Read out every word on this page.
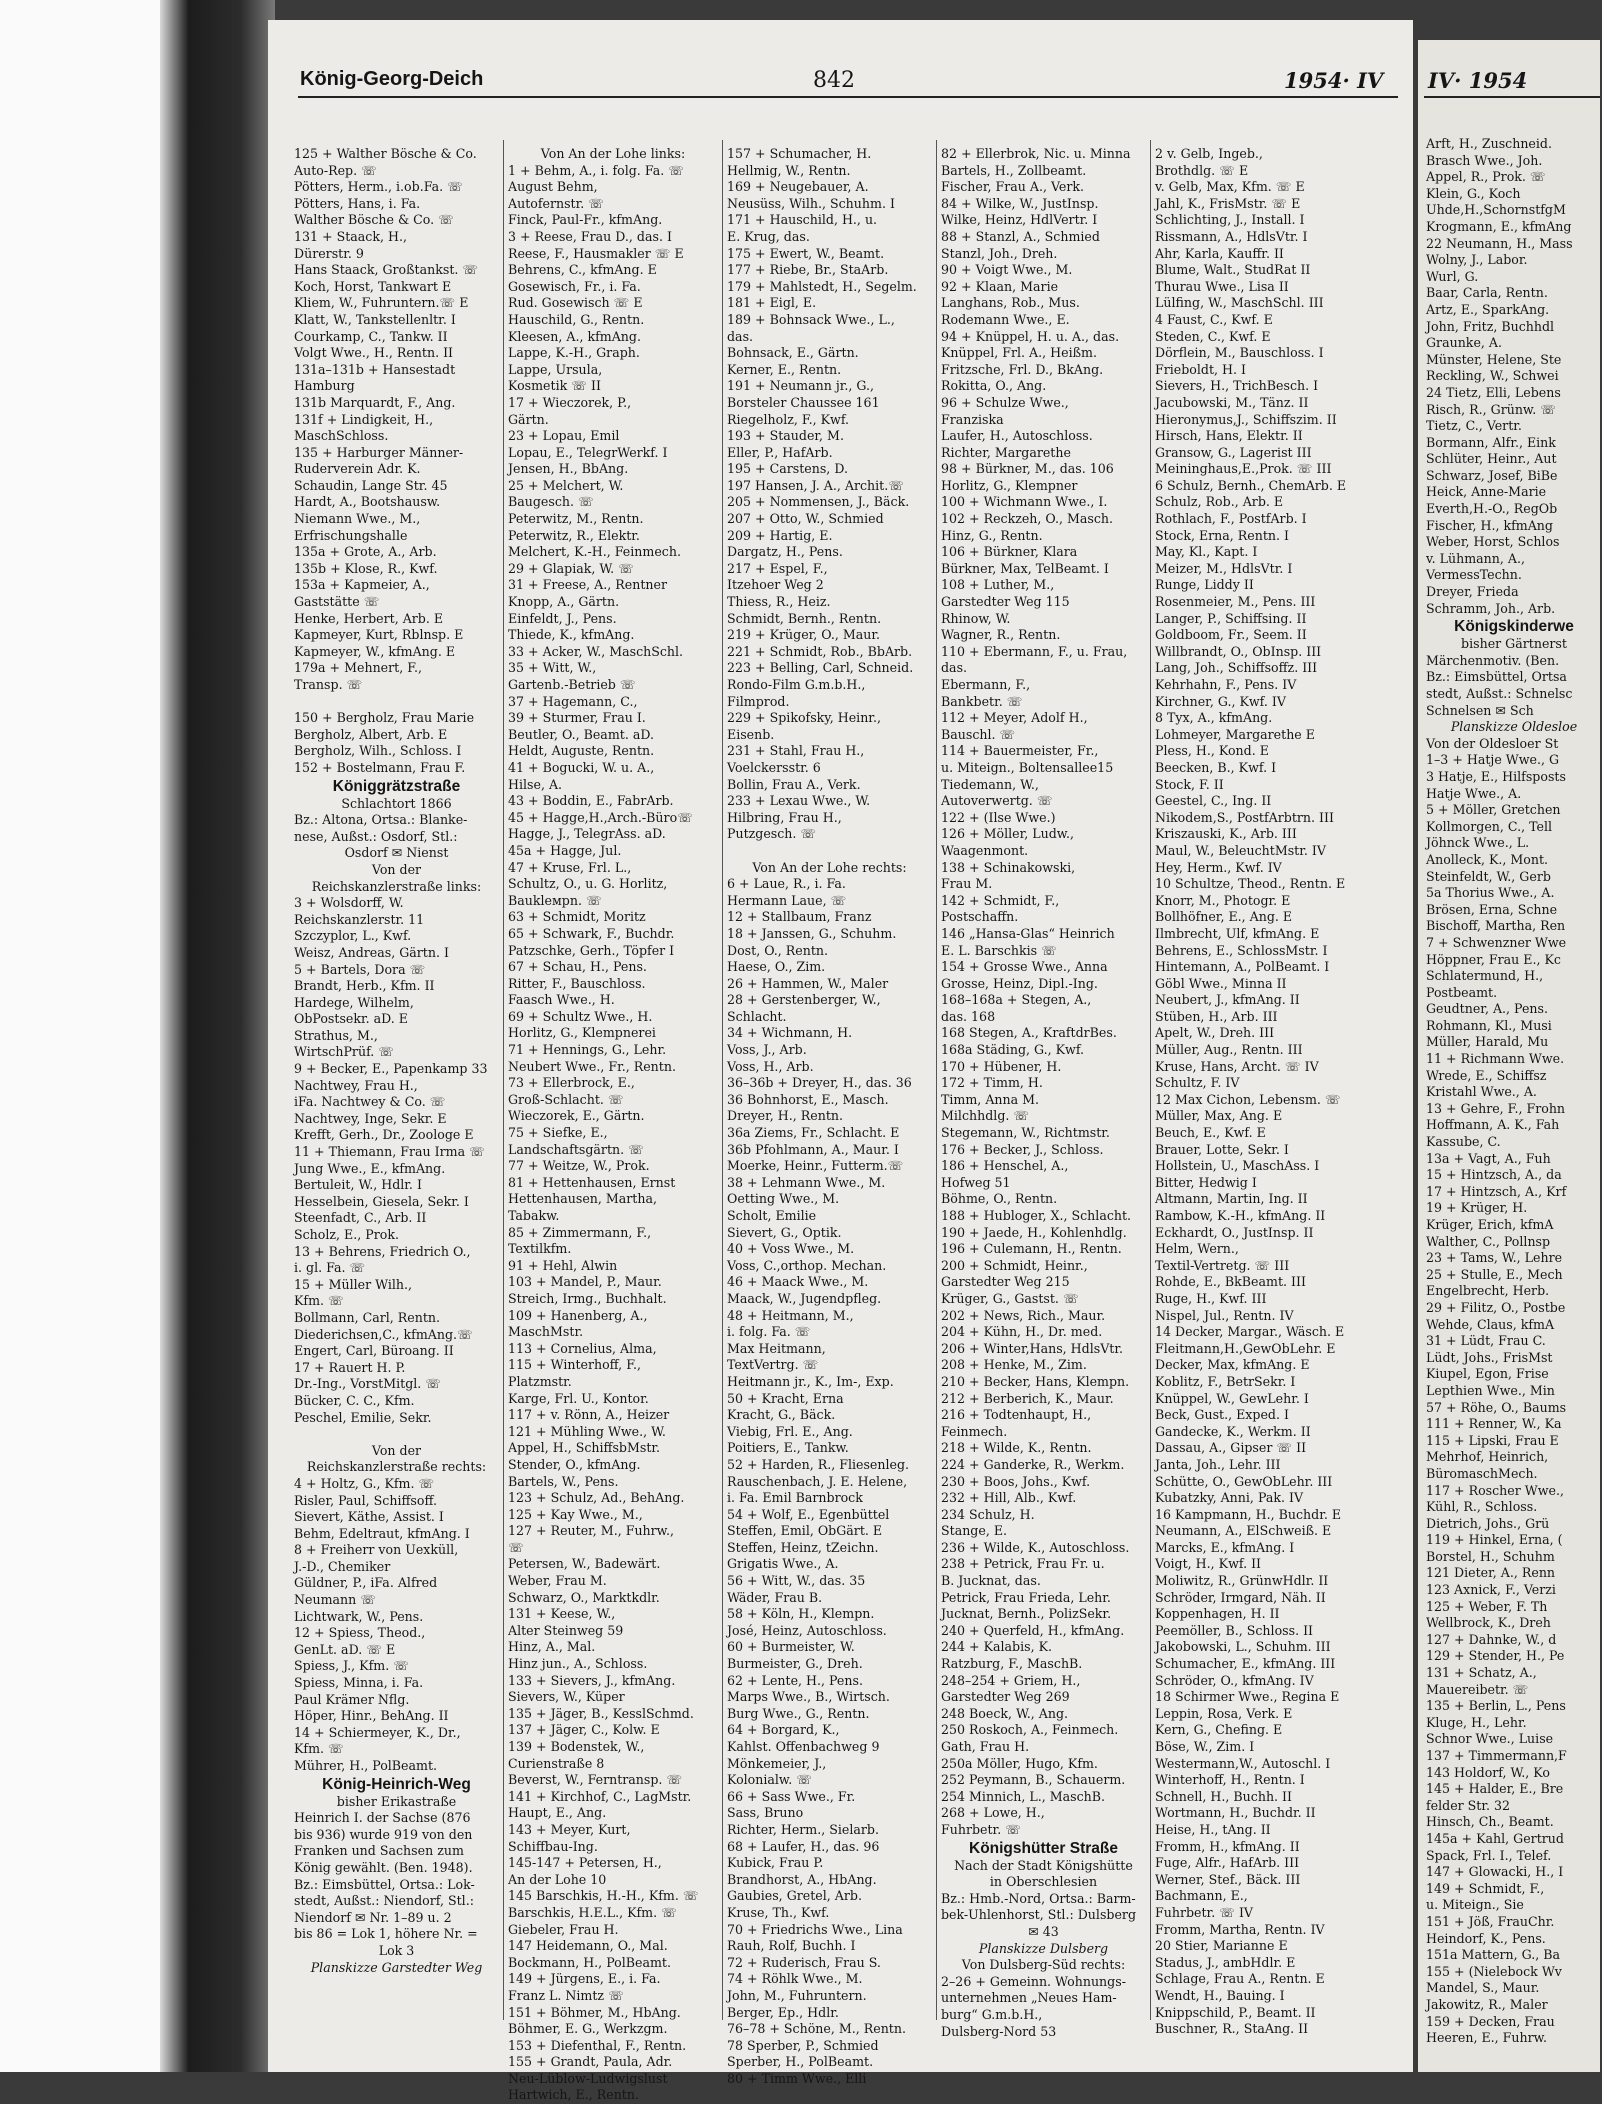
König-Georg-Deich	842	1954· IV
125 + Walther Bösche & Co.
Auto-Rep. ☏
Pötters, Herm., i.ob.Fa. ☏
Pötters, Hans, i. Fa.
Walther Bösche & Co. ☏
131 + Staack, H.,
Dürerstr. 9
Hans Staack, Großtankst. ☏
Koch, Horst, Tankwart E
Kliem, W., Fuhruntern.☏ E
Klatt, W., Tankstellenltr. I
Courkamp, C., Tankw. II
Volgt Wwe., H., Rentn. II
131a–131b + Hansestadt
Hamburg
131b Marquardt, F., Ang.
131f + Lindigkeit, H.,
MaschSchloss.
135 + Harburger Männer-
Ruderverein Adr. K.
Schaudin, Lange Str. 45
Hardt, A., Bootshausw.
Niemann Wwe., M.,
Erfrischungshalle
135a + Grote, A., Arb.
135b + Klose, R., Kwf.
153a + Kapmeier, A.,
Gaststätte ☏
Henke, Herbert, Arb. E
Kapmeyer, Kurt, Rblnsp. E
Kapmeyer, W., kfmAng. E
179a + Mehnert, F.,
Transp. ☏
150 + Bergholz, Frau Marie
Bergholz, Albert, Arb. E
Bergholz, Wilh., Schloss. I
152 + Bostelmann, Frau F.
Königgrätzstraße
Schlachtort 1866
Bz.: Altona, Ortsa.: Blanke-
nese, Außst.: Osdorf, Stl.:
Osdorf ✉ Nienst
Von der
Reichskanzlerstraße links:
3 + Wolsdorff, W.
Reichskanzlerstr. 11
Szczyplor, L., Kwf.
Weisz, Andreas, Gärtn. I
5 + Bartels, Dora ☏
Brandt, Herb., Kfm. II
Hardege, Wilhelm,
ObPostsekr. aD. E
Strathus, M.,
WirtschPrüf. ☏
9 + Becker, E., Papenkamp 33
Nachtwey, Frau H.,
iFa. Nachtwey & Co. ☏
Nachtwey, Inge, Sekr. E
Krefft, Gerh., Dr., Zoologe E
11 + Thiemann, Frau Irma ☏
Jung Wwe., E., kfmAng.
Bertuleit, W., Hdlr. I
Hesselbein, Giesela, Sekr. I
Steenfadt, C., Arb. II
Scholz, E., Prok.
13 + Behrens, Friedrich O.,
i. gl. Fa. ☏
15 + Müller Wilh.,
Kfm. ☏
Bollmann, Carl, Rentn.
Diederichsen,C., kfmAng.☏
Engert, Carl, Büroang. II
17 + Rauert H. P.
Dr.-Ing., VorstMitgl. ☏
Bücker, C. C., Kfm.
Peschel, Emilie, Sekr.
Von der
Reichskanzlerstraße rechts:
4 + Holtz, G., Kfm. ☏
Risler, Paul, Schiffsoff.
Sievert, Käthe, Assist. I
Behm, Edeltraut, kfmAng. I
8 + Freiherr von Uexküll,
J.-D., Chemiker
Güldner, P., iFa. Alfred
Neumann ☏
Lichtwark, W., Pens.
12 + Spiess, Theod.,
GenLt. aD. ☏ E
Spiess, J., Kfm. ☏
Spiess, Minna, i. Fa.
Paul Krämer Nflg.
Höper, Hinr., BehAng. II
14 + Schiermeyer, K., Dr.,
Kfm. ☏
Mührer, H., PolBeamt.
König-Heinrich-Weg
bisher Erikastraße
Heinrich I. der Sachse (876
bis 936) wurde 919 von den
Franken und Sachsen zum
König gewählt. (Ben. 1948).
Bz.: Eimsbüttel, Ortsa.: Lok-
stedt, Außst.: Niendorf, Stl.:
Niendorf ✉ Nr. 1–89 u. 2
bis 86 = Lok 1, höhere Nr. =
Lok 3
Planskizze Garstedter Weg
Von An der Lohe links:
1 + Behm, A., i. folg. Fa. ☏
August Behm,
Autofernstr. ☏
Finck, Paul-Fr., kfmAng.
3 + Reese, Frau D., das. I
Reese, F., Hausmakler ☏ E
Behrens, C., kfmAng. E
Gosewisch, Fr., i. Fa.
Rud. Gosewisch ☏ E
Hauschild, G., Rentn.
Kleesen, A., kfmAng.
Lappe, K.-H., Graph.
Lappe, Ursula,
Kosmetik ☏ II
17 + Wieczorek, P.,
Gärtn.
23 + Lopau, Emil
Lopau, E., TelegrWerkf. I
Jensen, H., BbAng.
25 + Melchert, W.
Baugesch. ☏
Peterwitz, M., Rentn.
Peterwitz, R., Elektr.
Melchert, K.-H., Feinmech.
29 + Glapiak, W. ☏
31 + Freese, A., Rentner
Knopp, A., Gärtn.
Einfeldt, J., Pens.
Thiede, K., kfmAng.
33 + Acker, W., MaschSchl.
35 + Witt, W.,
Gartenb.-Betrieb ☏
37 + Hagemann, C.,
39 + Sturmer, Frau I.
Beutler, O., Beamt. aD.
Heldt, Auguste, Rentn.
41 + Bogucki, W. u. A.,
Hilse, A.
43 + Boddin, E., FabrArb.
45 + Hagge,H.,Arch.-Büro☏
Hagge, J., TelegrAss. aD.
45a + Hagge, Jul.
47 + Kruse, Frl. L.,
Schultz, O., u. G. Horlitz,
Baukleмpn. ☏
63 + Schmidt, Moritz
65 + Schwark, F., Buchdr.
Patzschke, Gerh., Töpfer I
67 + Schau, H., Pens.
Ritter, F., Bauschloss.
Faasch Wwe., H.
69 + Schultz Wwe., H.
Horlitz, G., Klempnerei
71 + Hennings, G., Lehr.
Neubert Wwe., Fr., Rentn.
73 + Ellerbrock, E.,
Groß-Schlacht. ☏
Wieczorek, E., Gärtn.
75 + Siefke, E.,
Landschaftsgärtn. ☏
77 + Weitze, W., Prok.
81 + Hettenhausen, Ernst
Hettenhausen, Martha,
Tabakw.
85 + Zimmermann, F.,
Textilkfm.
91 + Hehl, Alwin
103 + Mandel, P., Maur.
Streich, Irmg., Buchhalt.
109 + Hanenberg, A.,
MaschMstr.
113 + Cornelius, Alma,
115 + Winterhoff, F.,
Platzmstr.
Karge, Frl. U., Kontor.
117 + v. Rönn, A., Heizer
121 + Mühling Wwe., W.
Appel, H., SchiffsbMstr.
Stender, O., kfmAng.
Bartels, W., Pens.
123 + Schulz, Ad., BehAng.
125 + Kay Wwe., M.,
127 + Reuter, M., Fuhrw.,
☏
Petersen, W., Badewärt.
Weber, Frau M.
Schwarz, O., Marktkdlr.
131 + Keese, W.,
Alter Steinweg 59
Hinz, A., Mal.
Hinz jun., A., Schloss.
133 + Sievers, J., kfmAng.
Sievers, W., Küper
135 + Jäger, B., KesslSchmd.
137 + Jäger, C., Kolw. E
139 + Bodenstek, W.,
Curienstraße 8
Beverst, W., Ferntransp. ☏
141 + Kirchhof, C., LagMstr.
Haupt, E., Ang.
143 + Meyer, Kurt,
Schiffbau-Ing.
145-147 + Petersen, H.,
An der Lohe 10
145 Barschkis, H.-H., Kfm. ☏
Barschkis, H.E.L., Kfm. ☏
Giebeler, Frau H.
147 Heidemann, O., Mal.
Bockmann, H., PolBeamt.
149 + Jürgens, E., i. Fa.
Franz L. Nimtz ☏
151 + Böhmer, M., HbAng.
Böhmer, E. G., Werkzgm.
153 + Diefenthal, F., Rentn.
155 + Grandt, Paula, Adr.
Neu-Lüblow-Ludwigslust
Hartwich, E., Rentn.
157 + Schumacher, H.
Hellmig, W., Rentn.
169 + Neugebauer, A.
Neusüss, Wilh., Schuhm. I
171 + Hauschild, H., u.
E. Krug, das.
175 + Ewert, W., Beamt.
177 + Riebe, Br., StaArb.
179 + Mahlstedt, H., Segelm.
181 + Eigl, E.
189 + Bohnsack Wwe., L.,
das.
Bohnsack, E., Gärtn.
Kerner, E., Rentn.
191 + Neumann jr., G.,
Borsteler Chaussee 161
Riegelholz, F., Kwf.
193 + Stauder, M.
Eller, P., HafArb.
195 + Carstens, D.
197 Hansen, J. A., Archit.☏
205 + Nommensen, J., Bäck.
207 + Otto, W., Schmied
209 + Hartig, E.
Dargatz, H., Pens.
217 + Espel, F.,
Itzehoer Weg 2
Thiess, R., Heiz.
Schmidt, Bernh., Rentn.
219 + Krüger, O., Maur.
221 + Schmidt, Rob., BbArb.
223 + Belling, Carl, Schneid.
Rondo-Film G.m.b.H.,
Filmprod.
229 + Spikofsky, Heinr.,
Eisenb.
231 + Stahl, Frau H.,
Voelckersstr. 6
Bollin, Frau A., Verk.
233 + Lexau Wwe., W.
Hilbring, Frau H.,
Putzgesch. ☏
Von An der Lohe rechts:
6 + Laue, R., i. Fa.
Hermann Laue, ☏
12 + Stallbaum, Franz
18 + Janssen, G., Schuhm.
Dost, O., Rentn.
Haese, O., Zim.
26 + Hammen, W., Maler
28 + Gerstenberger, W.,
Schlacht.
34 + Wichmann, H.
Voss, J., Arb.
Voss, H., Arb.
36–36b + Dreyer, H., das. 36
36 Bohnhorst, E., Masch.
Dreyer, H., Rentn.
36a Ziems, Fr., Schlacht. E
36b Pfohlmann, A., Maur. I
Moerke, Heinr., Futterm.☏
38 + Lehmann Wwe., M.
Oetting Wwe., M.
Scholt, Emilie
Sievert, G., Optik.
40 + Voss Wwe., M.
Voss, C.,orthop. Mechan.
46 + Maack Wwe., M.
Maack, W., Jugendpfleg.
48 + Heitmann, M.,
i. folg. Fa. ☏
Max Heitmann,
TextVertrg. ☏
Heitmann jr., K., Im-, Exp.
50 + Kracht, Erna
Kracht, G., Bäck.
Viebig, Frl. E., Ang.
Poitiers, E., Tankw.
52 + Harden, R., Fliesenleg.
Rauschenbach, J. E. Helene,
i. Fa. Emil Barnbrock
54 + Wolf, E., Egenbüttel
Steffen, Emil, ObGärt. E
Steffen, Heinz, tZeichn.
Grigatis Wwe., A.
56 + Witt, W., das. 35
Wäder, Frau B.
58 + Köln, H., Klempn.
José, Heinz, Autoschloss.
60 + Burmeister, W.
Burmeister, G., Dreh.
62 + Lente, H., Pens.
Marps Wwe., B., Wirtsch.
Burg Wwe., G., Rentn.
64 + Borgard, K.,
Kahlst. Offenbachweg 9
Mönkemeier, J.,
Kolonialw. ☏
66 + Sass Wwe., Fr.
Sass, Bruno
Richter, Herm., Sielarb.
68 + Laufer, H., das. 96
Kubick, Frau P.
Brandhorst, A., HbAng.
Gaubies, Gretel, Arb.
Kruse, Th., Kwf.
70 + Friedrichs Wwe., Lina
Rauh, Rolf, Buchh. I
72 + Ruderisch, Frau S.
74 + Röhlk Wwe., M.
John, M., Fuhruntern.
Berger, Ep., Hdlr.
76–78 + Schöne, M., Rentn.
78 Sperber, P., Schmied
Sperber, H., PolBeamt.
80 + Timm Wwe., Elli
82 + Ellerbrok, Nic. u. Minna
Bartels, H., Zollbeamt.
Fischer, Frau A., Verk.
84 + Wilke, W., JustInsp.
Wilke, Heinz, HdlVertr. I
88 + Stanzl, A., Schmied
Stanzl, Joh., Dreh.
90 + Voigt Wwe., M.
92 + Klaan, Marie
Langhans, Rob., Mus.
Rodemann Wwe., E.
94 + Knüppel, H. u. A., das.
Knüppel, Frl. A., Heißm.
Fritzsche, Frl. D., BkAng.
Rokitta, O., Ang.
96 + Schulze Wwe.,
Franziska
Laufer, H., Autoschloss.
Richter, Margarethe
98 + Bürkner, M., das. 106
Horlitz, G., Klempner
100 + Wichmann Wwe., I.
102 + Reckzeh, O., Masch.
Hinz, G., Rentn.
106 + Bürkner, Klara
Bürkner, Max, TelBeamt. I
108 + Luther, M.,
Garstedter Weg 115
Rhinow, W.
Wagner, R., Rentn.
110 + Ebermann, F., u. Frau,
das.
Ebermann, F.,
Bankbetr. ☏
112 + Meyer, Adolf H.,
Bauschl. ☏
114 + Bauermeister, Fr.,
u. Miteign., Boltensallee15
Tiedemann, W.,
Autoverwertg. ☏
122 + (Ilse Wwe.)
126 + Möller, Ludw.,
Waagenmont.
138 + Schinakowski,
Frau M.
142 + Schmidt, F.,
Postschaffn.
146 „Hansa-Glas“ Heinrich
E. L. Barschkis ☏
154 + Grosse Wwe., Anna
Grosse, Heinz, Dipl.-Ing.
168–168a + Stegen, A.,
das. 168
168 Stegen, A., KraftdrBes.
168a Städing, G., Kwf.
170 + Hübener, H.
172 + Timm, H.
Timm, Anna M.
Milchhdlg. ☏
Stegemann, W., Richtmstr.
176 + Becker, J., Schloss.
186 + Henschel, A.,
Hofweg 51
Böhme, O., Rentn.
188 + Hubloger, X., Schlacht.
190 + Jaede, H., Kohlenhdlg.
196 + Culemann, H., Rentn.
200 + Schmidt, Heinr.,
Garstedter Weg 215
Krüger, G., Gastst. ☏
202 + News, Rich., Maur.
204 + Kühn, H., Dr. med.
206 + Winter,Hans, HdlsVtr.
208 + Henke, M., Zim.
210 + Becker, Hans, Klempn.
212 + Berberich, K., Maur.
216 + Todtenhaupt, H.,
Feinmech.
218 + Wilde, K., Rentn.
224 + Ganderke, R., Werkm.
230 + Boos, Johs., Kwf.
232 + Hill, Alb., Kwf.
234 Schulz, H.
Stange, E.
236 + Wilde, K., Autoschloss.
238 + Petrick, Frau Fr. u.
B. Jucknat, das.
Petrick, Frau Frieda, Lehr.
Jucknat, Bernh., PolizSekr.
240 + Querfeld, H., kfmAng.
244 + Kalabis, K.
Ratzburg, F., MaschB.
248–254 + Griem, H.,
Garstedter Weg 269
248 Boeck, W., Ang.
250 Roskoch, A., Feinmech.
Gath, Frau H.
250a Möller, Hugo, Kfm.
252 Peymann, B., Schauerm.
254 Minnich, L., MaschB.
268 + Lowe, H.,
Fuhrbetr. ☏
Königshütter Straße
Nach der Stadt Königshütte
in Oberschlesien
Bz.: Hmb.-Nord, Ortsa.: Barm-
bek-Uhlenhorst, Stl.: Dulsberg
✉ 43
Planskizze Dulsberg
Von Dulsberg-Süd rechts:
2–26 + Gemeinn. Wohnungs-
unternehmen „Neues Ham-
burg“ G.m.b.H.,
Dulsberg-Nord 53
2 v. Gelb, Ingeb.,
Brothdlg. ☏ E
v. Gelb, Max, Kfm. ☏ E
Jahl, K., FrisMstr. ☏ E
Schlichting, J., Install. I
Rissmann, A., HdlsVtr. I
Ahr, Karla, Kauffr. II
Blume, Walt., StudRat II
Thurau Wwe., Lisa II
Lülfing, W., MaschSchl. III
4 Faust, C., Kwf. E
Steden, C., Kwf. E
Dörflein, M., Bauschloss. I
Frieboldt, H. I
Sievers, H., TrichBesch. I
Jacubowski, M., Tänz. II
Hieronymus,J., Schiffszim. II
Hirsch, Hans, Elektr. II
Gransow, G., Lagerist III
Meininghaus,E.,Prok. ☏ III
6 Schulz, Bernh., ChemArb. E
Schulz, Rob., Arb. E
Rothlach, F., PostfArb. I
Stock, Erna, Rentn. I
May, Kl., Kapt. I
Meizer, M., HdlsVtr. I
Runge, Liddy II
Rosenmeier, M., Pens. III
Langer, P., Schiffsing. II
Goldboom, Fr., Seem. II
Willbrandt, O., ObInsp. III
Lang, Joh., Schiffsoffz. III
Kehrhahn, F., Pens. IV
Kirchner, G., Kwf. IV
8 Tyx, A., kfmAng.
Lohmeyer, Margarethe E
Pless, H., Kond. E
Beecken, B., Kwf. I
Stock, F. II
Geestel, C., Ing. II
Nikodem,S., PostfArbtrn. III
Kriszauski, K., Arb. III
Maul, W., BeleuchtMstr. IV
Hey, Herm., Kwf. IV
10 Schultze, Theod., Rentn. E
Knorr, M., Photogr. E
Bollhöfner, E., Ang. E
Ilmbrecht, Ulf, kfmAng. E
Behrens, E., SchlossMstr. I
Hintemann, A., PolBeamt. I
Göbl Wwe., Minna II
Neubert, J., kfmAng. II
Stüben, H., Arb. III
Apelt, W., Dreh. III
Müller, Aug., Rentn. III
Kruse, Hans, Archt. ☏ IV
Schultz, F. IV
12 Max Cichon, Lebensm. ☏
Müller, Max, Ang. E
Beuch, E., Kwf. E
Brauer, Lotte, Sekr. I
Hollstein, U., MaschAss. I
Bitter, Hedwig I
Altmann, Martin, Ing. II
Rambow, K.-H., kfmAng. II
Eckhardt, O., JustInsp. II
Helm, Wern.,
Textil-Vertretg. ☏ III
Rohde, E., BkBeamt. III
Ruge, H., Kwf. III
Nispel, Jul., Rentn. IV
14 Decker, Margar., Wäsch. E
Fleitmann,H.,GewObLehr. E
Decker, Max, kfmAng. E
Koblitz, F., BetrSekr. I
Knüppel, W., GewLehr. I
Beck, Gust., Exped. I
Gandecke, K., Werkm. II
Dassau, A., Gipser ☏ II
Janta, Joh., Lehr. III
Schütte, O., GewObLehr. III
Kubatzky, Anni, Pak. IV
16 Kampmann, H., Buchdr. E
Neumann, A., ElSchweiß. E
Marcks, E., kfmAng. I
Voigt, H., Kwf. II
Moliwitz, R., GrünwHdlr. II
Schröder, Irmgard, Näh. II
Koppenhagen, H. II
Peemöller, B., Schloss. II
Jakobowski, L., Schuhm. III
Schumacher, E., kfmAng. III
Schröder, O., kfmAng. IV
18 Schirmer Wwe., Regina E
Leppin, Rosa, Verk. E
Kern, G., Chefing. E
Böse, W., Zim. I
Westermann,W., Autoschl. I
Winterhoff, H., Rentn. I
Schnell, H., Buchh. II
Wortmann, H., Buchdr. II
Heise, H., tAng. II
Fromm, H., kfmAng. II
Fuge, Alfr., HafArb. III
Werner, Stef., Bäck. III
Bachmann, E.,
Fuhrbetr. ☏ IV
Fromm, Martha, Rentn. IV
20 Stier, Marianne E
Stadus, J., ambHdlr. E
Schlage, Frau A., Rentn. E
Wendt, H., Bauing. I
Knippschild, P., Beamt. II
Buschner, R., StaAng. II
IV· 1954
Arft, H., Zuschneid.
Brasch Wwe., Joh.
Appel, R., Prok. ☏
Klein, G., Koch
Uhde,H.,SchornstfgM
Krogmann, E., kfmAng
22 Neumann, H., Mass
Wolny, J., Labor.
Wurl, G.
Baar, Carla, Rentn.
Artz, E., SparkAng.
John, Fritz, Buchhdl
Graunke, A.
Münster, Helene, Ste
Reckling, W., Schwei
24 Tietz, Elli, Lebens
Risch, R., Grünw. ☏
Tietz, C., Vertr.
Bormann, Alfr., Eink
Schlüter, Heinr., Aut
Schwarz, Josef, BiBe
Heick, Anne-Marie
Everth,H.-O., RegOb
Fischer, H., kfmAng
Weber, Horst, Schlos
v. Lühmann, A.,
VermessTechn.
Dreyer, Frieda
Schramm, Joh., Arb.
Königskinderwe
bisher Gärtnerst
Märchenmotiv. (Ben.
Bz.: Eimsbüttel, Ortsa
stedt, Außst.: Schnelsc
Schnelsen ✉ Sch
Planskizze Oldesloe
Von der Oldesloer St
1–3 + Hatje Wwe., G
3 Hatje, E., Hilfsposts
Hatje Wwe., A.
5 + Möller, Gretchen
Kollmorgen, C., Tell
Jöhnck Wwe., L.
Anolleck, K., Mont.
Steinfeldt, W., Gerb
5a Thorius Wwe., A.
Brösen, Erna, Schne
Bischoff, Martha, Ren
7 + Schwenzner Wwe
Höppner, Frau E., Kc
Schlatermund, H.,
Postbeamt.
Geudtner, A., Pens.
Rohmann, Kl., Musi
Müller, Harald, Mu
11 + Richmann Wwe.
Wrede, E., Schiffsz
Kristahl Wwe., A.
13 + Gehre, F., Frohn
Hoffmann, A. K., Fah
Kassube, C.
13a + Vagt, A., Fuh
15 + Hintzsch, A., da
17 + Hintzsch, A., Krf
19 + Krüger, H.
Krüger, Erich, kfmA
Walther, C., Pollnsp
23 + Tams, W., Lehre
25 + Stulle, E., Mech
Engelbrecht, Herb.
29 + Filitz, O., Postbe
Wehde, Claus, kfmA
31 + Lüdt, Frau C.
Lüdt, Johs., FrisMst
Kiupel, Egon, Frise
Lepthien Wwe., Min
57 + Röhe, O., Baums
111 + Renner, W., Ka
115 + Lipski, Frau E
Mehrhof, Heinrich,
BüromaschMech.
117 + Roscher Wwe.,
Kühl, R., Schloss.
Dietrich, Johs., Grü
119 + Hinkel, Erna, (
Borstel, H., Schuhm
121 Dieter, A., Renn
123 Axnick, F., Verzi
125 + Weber, F. Th
Wellbrock, K., Dreh
127 + Dahnke, W., d
129 + Stender, H., Pe
131 + Schatz, A.,
Mauereibetr. ☏
135 + Berlin, L., Pens
Kluge, H., Lehr.
Schnor Wwe., Luise
137 + Timmermann,F
143 Holdorf, W., Ko
145 + Halder, E., Bre
felder Str. 32
Hinsch, Ch., Beamt.
145a + Kahl, Gertrud
Spack, Frl. I., Telef.
147 + Glowacki, H., I
149 + Schmidt, F.,
u. Miteign., Sie
151 + Jöß, FrauChr.
Heindorf, K., Pens.
151a Mattern, G., Ba
155 + (Nielebock Wv
Mandel, S., Maur.
Jakowitz, R., Maler
159 + Decken, Frau
Heeren, E., Fuhrw.
